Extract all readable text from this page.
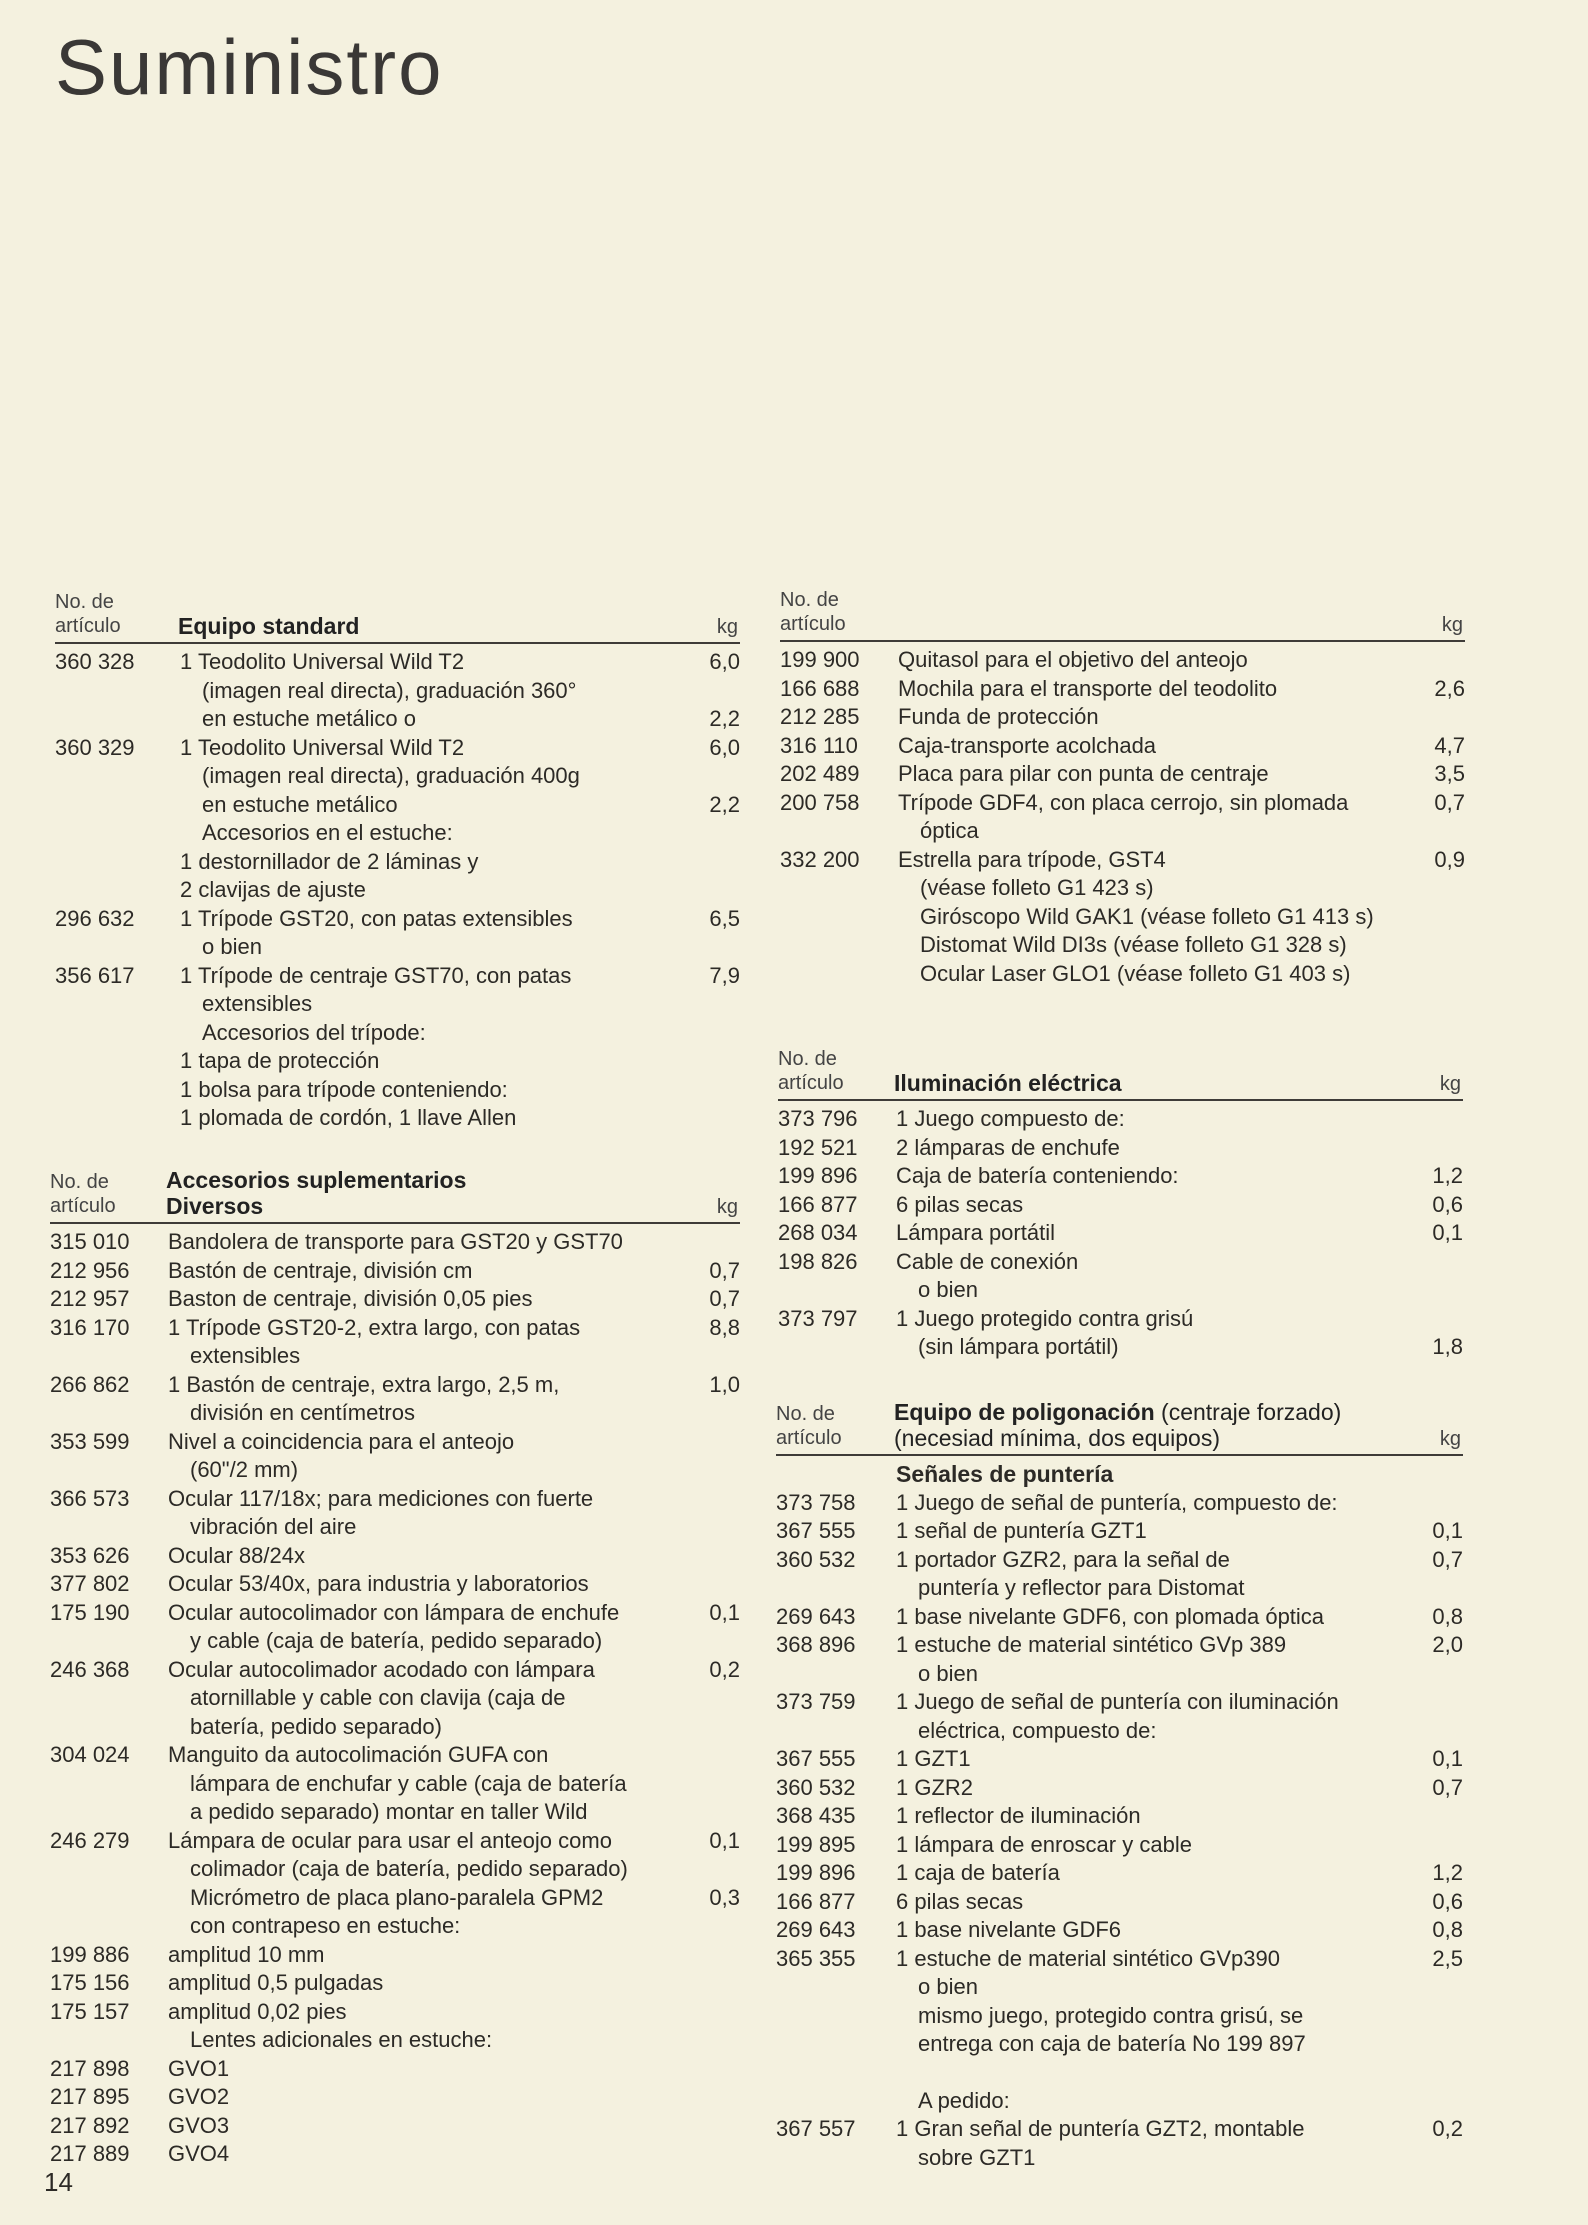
Suministro
No. de
artículo	Equipo standard	kg
360 328	1 Teodolito Universal Wild T2	6,0
(imagen real directa), graduación 360°
en estuche metálico o	2,2
360 329	1 Teodolito Universal Wild T2	6,0
(imagen real directa), graduación 400g
en estuche metálico	2,2
Accesorios en el estuche:
1 destornillador de 2 láminas y
2 clavijas de ajuste
296 632	1 Trípode GST20, con patas extensibles	6,5
o bien
356 617	1 Trípode de centraje GST70, con patas	7,9
extensibles
Accesorios del trípode:
1 tapa de protección
1 bolsa para trípode conteniendo:
1 plomada de cordón, 1 llave Allen
No. de
artículo
Accesorios suplementarios
Diversos	kg
315 010	Bandolera de transporte para GST20 y GST70
212 956	Bastón de centraje, división cm	0,7
212 957	Baston de centraje, división 0,05 pies	0,7
316 170	1 Trípode GST20-2, extra largo, con patas	8,8
extensibles
266 862	1 Bastón de centraje, extra largo, 2,5 m,	1,0
división en centímetros
353 599	Nivel a coincidencia para el anteojo
(60"/2 mm)
366 573	Ocular 117/18x; para mediciones con fuerte
vibración del aire
353 626	Ocular 88/24x
377 802	Ocular 53/40x, para industria y laboratorios
175 190	Ocular autocolimador con lámpara de enchufe	0,1
y cable (caja de batería, pedido separado)
246 368	Ocular autocolimador acodado con lámpara	0,2
atornillable y cable con clavija (caja de
batería, pedido separado)
304 024	Manguito da autocolimación GUFA con
lámpara de enchufar y cable (caja de batería
a pedido separado) montar en taller Wild
246 279	Lámpara de ocular para usar el anteojo como	0,1
colimador (caja de batería, pedido separado)
Micrómetro de placa plano-paralela GPM2	0,3
con contrapeso en estuche:
199 886	amplitud 10 mm
175 156	amplitud 0,5 pulgadas
175 157	amplitud 0,02 pies
Lentes adicionales en estuche:
217 898	GVO1
217 895	GVO2
217 892	GVO3
217 889	GVO4
No. de
artículo	kg
199 900	Quitasol para el objetivo del anteojo
166 688	Mochila para el transporte del teodolito	2,6
212 285	Funda de protección
316 110	Caja-transporte acolchada	4,7
202 489	Placa para pilar con punta de centraje	3,5
200 758	Trípode GDF4, con placa cerrojo, sin plomada	0,7
óptica
332 200	Estrella para trípode, GST4	0,9
(véase folleto G1 423 s)
Giróscopo Wild GAK1 (véase folleto G1 413 s)
Distomat Wild DI3s (véase folleto G1 328 s)
Ocular Laser GLO1 (véase folleto G1 403 s)
No. de
artículo	Iluminación eléctrica	kg
373 796	1 Juego compuesto de:
192 521	2 lámparas de enchufe
199 896	Caja de batería conteniendo:	1,2
166 877	6 pilas secas	0,6
268 034	Lámpara portátil	0,1
198 826	Cable de conexión
o bien
373 797	1 Juego protegido contra grisú
(sin lámpara portátil)	1,8
No. de
artículo
Equipo de poligonación (centraje forzado)
(necesiad mínima, dos equipos)	kg
Señales de puntería
373 758	1 Juego de señal de puntería, compuesto de:
367 555	1 señal de puntería GZT1	0,1
360 532	1 portador GZR2, para la señal de	0,7
puntería y reflector para Distomat
269 643	1 base nivelante GDF6, con plomada óptica	0,8
368 896	1 estuche de material sintético GVp 389	2,0
o bien
373 759	1 Juego de señal de puntería con iluminación
eléctrica, compuesto de:
367 555	1 GZT1	0,1
360 532	1 GZR2	0,7
368 435	1 reflector de iluminación
199 895	1 lámpara de enroscar y cable
199 896	1 caja de batería	1,2
166 877	6 pilas secas	0,6
269 643	1 base nivelante GDF6	0,8
365 355	1 estuche de material sintético GVp390	2,5
o bien
mismo juego, protegido contra grisú, se
entrega con caja de batería No 199 897
A pedido:
367 557	1 Gran señal de puntería GZT2, montable	0,2
sobre GZT1
14
